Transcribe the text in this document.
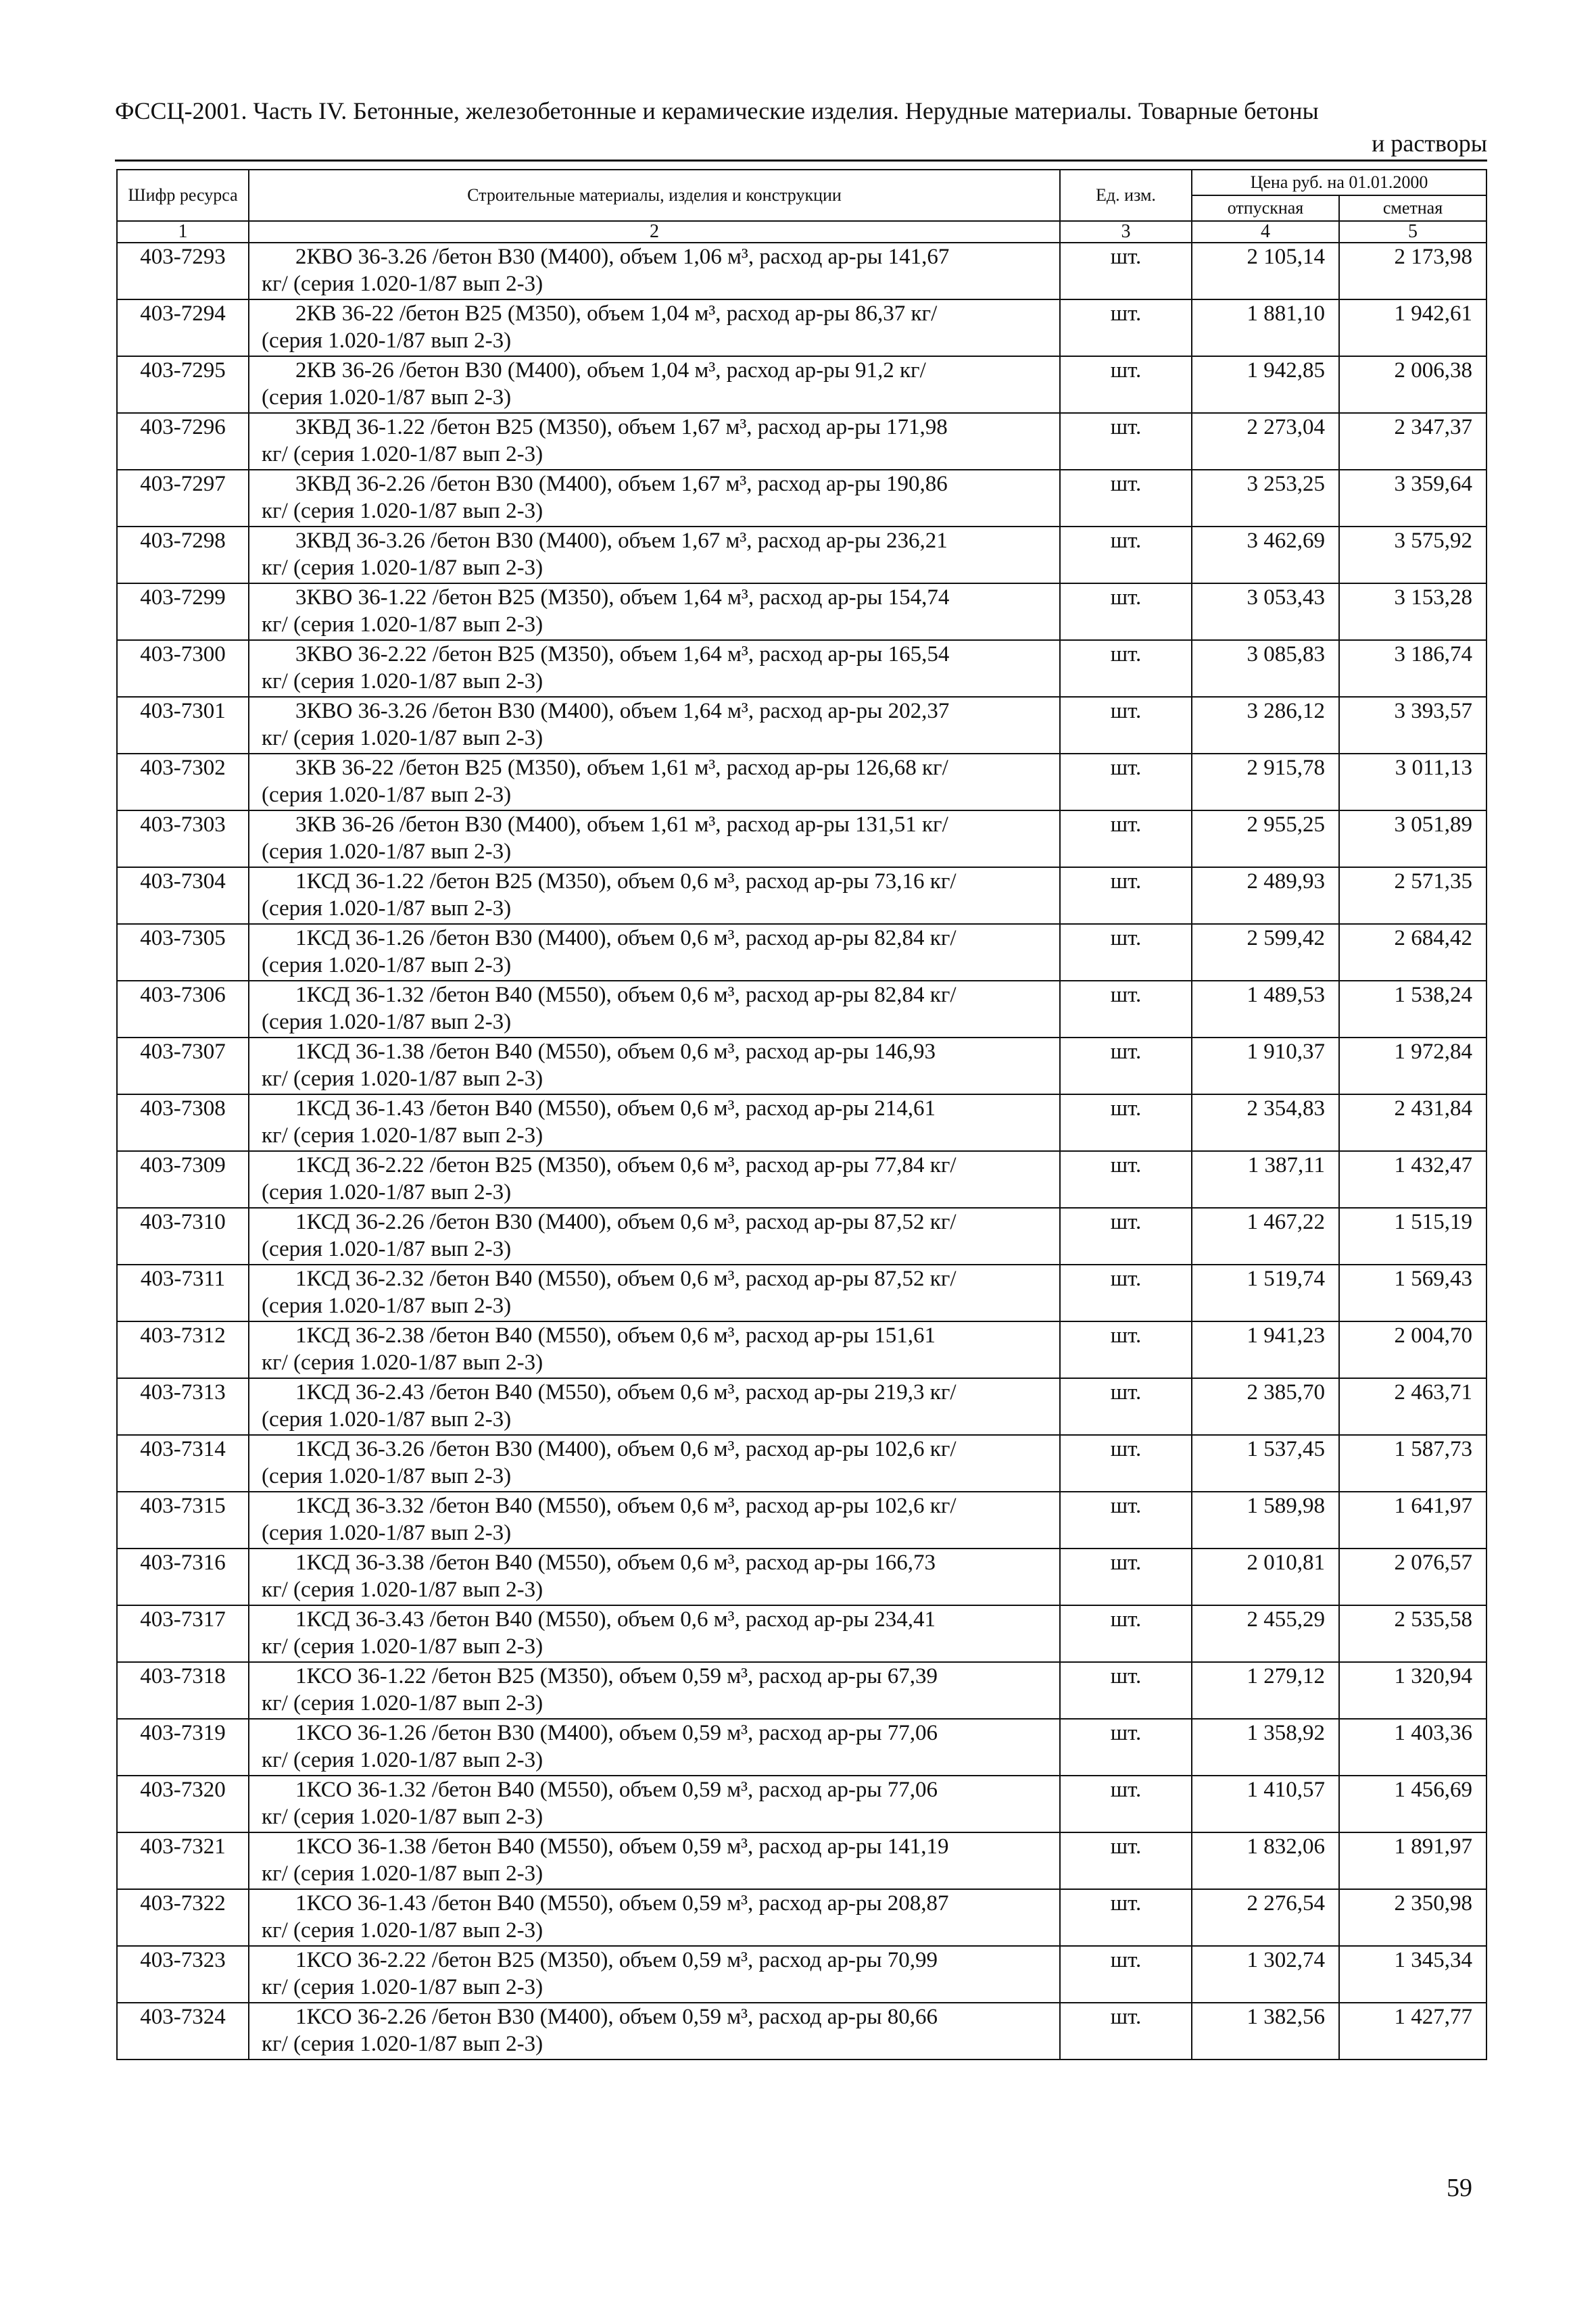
ФССЦ-2001. Часть IV. Бетонные, железобетонные и керамические изделия. Нерудные материалы. Товарные бетоны
и растворы
Шифр ресурса	Строительные материалы, изделия и конструкции	Ед. изм.	Цена руб. на 01.01.2000	
			отпускная	сметная
1	2	3	4	5
403-7293	2КВО 36-3.26 /бетон В30 (М400), объем 1,06 м³, расход ар-ры 141,67
кг/ (серия 1.020-1/87 вып 2-3)	шт.	2 105,14	2 173,98
403-7294	2КВ 36-22 /бетон В25 (М350), объем 1,04 м³, расход ар-ры 86,37 кг/
(серия 1.020-1/87 вып 2-3)	шт.	1 881,10	1 942,61
403-7295	2КВ 36-26 /бетон В30 (М400), объем 1,04 м³, расход ар-ры 91,2 кг/
(серия 1.020-1/87 вып 2-3)	шт.	1 942,85	2 006,38
403-7296	3КВД 36-1.22 /бетон В25 (М350), объем 1,67 м³, расход ар-ры 171,98
кг/ (серия 1.020-1/87 вып 2-3)	шт.	2 273,04	2 347,37
403-7297	3КВД 36-2.26 /бетон В30 (М400), объем 1,67 м³, расход ар-ры 190,86
кг/ (серия 1.020-1/87 вып 2-3)	шт.	3 253,25	3 359,64
403-7298	3КВД 36-3.26 /бетон В30 (М400), объем 1,67 м³, расход ар-ры 236,21
кг/ (серия 1.020-1/87 вып 2-3)	шт.	3 462,69	3 575,92
403-7299	3КВО 36-1.22 /бетон В25 (М350), объем 1,64 м³, расход ар-ры 154,74
кг/ (серия 1.020-1/87 вып 2-3)	шт.	3 053,43	3 153,28
403-7300	3КВО 36-2.22 /бетон В25 (М350), объем 1,64 м³, расход ар-ры 165,54
кг/ (серия 1.020-1/87 вып 2-3)	шт.	3 085,83	3 186,74
403-7301	3КВО 36-3.26 /бетон В30 (М400), объем 1,64 м³, расход ар-ры 202,37
кг/ (серия 1.020-1/87 вып 2-3)	шт.	3 286,12	3 393,57
403-7302	3КВ 36-22 /бетон В25 (М350), объем 1,61 м³, расход ар-ры 126,68 кг/
(серия 1.020-1/87 вып 2-3)	шт.	2 915,78	3 011,13
403-7303	3КВ 36-26 /бетон В30 (М400), объем 1,61 м³, расход ар-ры 131,51 кг/
(серия 1.020-1/87 вып 2-3)	шт.	2 955,25	3 051,89
403-7304	1КСД 36-1.22 /бетон В25 (М350), объем 0,6 м³, расход ар-ры 73,16 кг/
(серия 1.020-1/87 вып 2-3)	шт.	2 489,93	2 571,35
403-7305	1КСД 36-1.26 /бетон В30 (М400), объем 0,6 м³, расход ар-ры 82,84 кг/
(серия 1.020-1/87 вып 2-3)	шт.	2 599,42	2 684,42
403-7306	1КСД 36-1.32 /бетон В40 (М550), объем 0,6 м³, расход ар-ры 82,84 кг/
(серия 1.020-1/87 вып 2-3)	шт.	1 489,53	1 538,24
403-7307	1КСД 36-1.38 /бетон В40 (М550), объем 0,6 м³, расход ар-ры 146,93
кг/ (серия 1.020-1/87 вып 2-3)	шт.	1 910,37	1 972,84
403-7308	1КСД 36-1.43 /бетон В40 (М550), объем 0,6 м³, расход ар-ры 214,61
кг/ (серия 1.020-1/87 вып 2-3)	шт.	2 354,83	2 431,84
403-7309	1КСД 36-2.22 /бетон В25 (М350), объем 0,6 м³, расход ар-ры 77,84 кг/
(серия 1.020-1/87 вып 2-3)	шт.	1 387,11	1 432,47
403-7310	1КСД 36-2.26 /бетон В30 (М400), объем 0,6 м³, расход ар-ры 87,52 кг/
(серия 1.020-1/87 вып 2-3)	шт.	1 467,22	1 515,19
403-7311	1КСД 36-2.32 /бетон В40 (М550), объем 0,6 м³, расход ар-ры 87,52 кг/
(серия 1.020-1/87 вып 2-3)	шт.	1 519,74	1 569,43
403-7312	1КСД 36-2.38 /бетон В40 (М550), объем 0,6 м³, расход ар-ры 151,61
кг/ (серия 1.020-1/87 вып 2-3)	шт.	1 941,23	2 004,70
403-7313	1КСД 36-2.43 /бетон В40 (М550), объем 0,6 м³, расход ар-ры 219,3 кг/
(серия 1.020-1/87 вып 2-3)	шт.	2 385,70	2 463,71
403-7314	1КСД 36-3.26 /бетон В30 (М400), объем 0,6 м³, расход ар-ры 102,6 кг/
(серия 1.020-1/87 вып 2-3)	шт.	1 537,45	1 587,73
403-7315	1КСД 36-3.32 /бетон В40 (М550), объем 0,6 м³, расход ар-ры 102,6 кг/
(серия 1.020-1/87 вып 2-3)	шт.	1 589,98	1 641,97
403-7316	1КСД 36-3.38 /бетон В40 (М550), объем 0,6 м³, расход ар-ры 166,73
кг/ (серия 1.020-1/87 вып 2-3)	шт.	2 010,81	2 076,57
403-7317	1КСД 36-3.43 /бетон В40 (М550), объем 0,6 м³, расход ар-ры 234,41
кг/ (серия 1.020-1/87 вып 2-3)	шт.	2 455,29	2 535,58
403-7318	1КСО 36-1.22 /бетон В25 (М350), объем 0,59 м³, расход ар-ры 67,39
кг/ (серия 1.020-1/87 вып 2-3)	шт.	1 279,12	1 320,94
403-7319	1КСО 36-1.26 /бетон В30 (М400), объем 0,59 м³, расход ар-ры 77,06
кг/ (серия 1.020-1/87 вып 2-3)	шт.	1 358,92	1 403,36
403-7320	1КСО 36-1.32 /бетон В40 (М550), объем 0,59 м³, расход ар-ры 77,06
кг/ (серия 1.020-1/87 вып 2-3)	шт.	1 410,57	1 456,69
403-7321	1КСО 36-1.38 /бетон В40 (М550), объем 0,59 м³, расход ар-ры 141,19
кг/ (серия 1.020-1/87 вып 2-3)	шт.	1 832,06	1 891,97
403-7322	1КСО 36-1.43 /бетон В40 (М550), объем 0,59 м³, расход ар-ры 208,87
кг/ (серия 1.020-1/87 вып 2-3)	шт.	2 276,54	2 350,98
403-7323	1КСО 36-2.22 /бетон В25 (М350), объем 0,59 м³, расход ар-ры 70,99
кг/ (серия 1.020-1/87 вып 2-3)	шт.	1 302,74	1 345,34
403-7324	1КСО 36-2.26 /бетон В30 (М400), объем 0,59 м³, расход ар-ры 80,66
кг/ (серия 1.020-1/87 вып 2-3)	шт.	1 382,56	1 427,77
59
